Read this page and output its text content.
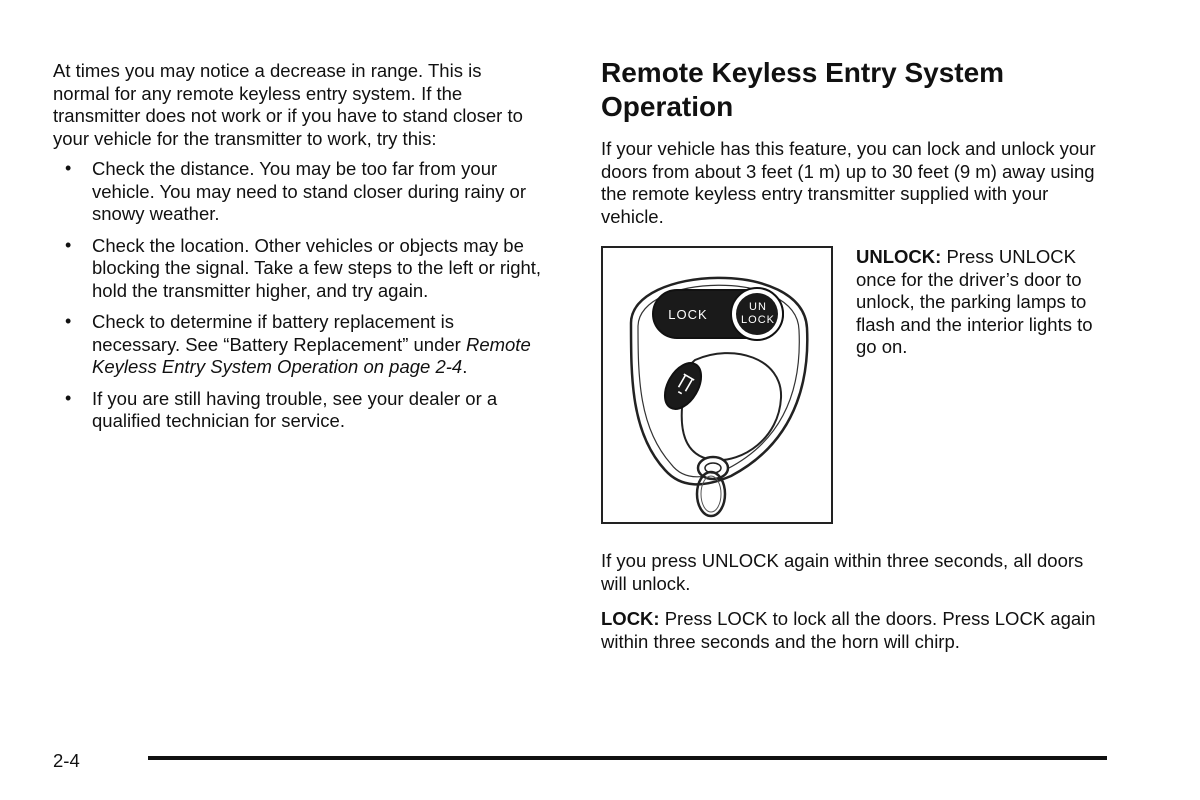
At times you may notice a decrease in range. This is normal for any remote keyless entry system. If the transmitter does not work or if you have to stand closer to your vehicle for the transmitter to work, try this:

• Check the distance. You may be too far from your vehicle. You may need to stand closer during rainy or snowy weather.
• Check the location. Other vehicles or objects may be blocking the signal. Take a few steps to the left or right, hold the transmitter higher, and try again.
• Check to determine if battery replacement is necessary. See “Battery Replacement” under Remote Keyless Entry System Operation on page 2-4.
• If you are still having trouble, see your dealer or a qualified technician for service.
Remote Keyless Entry System Operation

If your vehicle has this feature, you can lock and unlock your doors from about 3 feet (1 m) up to 30 feet (9 m) away using the remote keyless entry transmitter supplied with your vehicle.

LOCK	UN
LOCK

UNLOCK: Press UNLOCK once for the driver’s door to unlock, the parking lamps to flash and the interior lights to go on.

If you press UNLOCK again within three seconds, all doors will unlock.

LOCK: Press LOCK to lock all the doors. Press LOCK again within three seconds and the horn will chirp.

2-4
